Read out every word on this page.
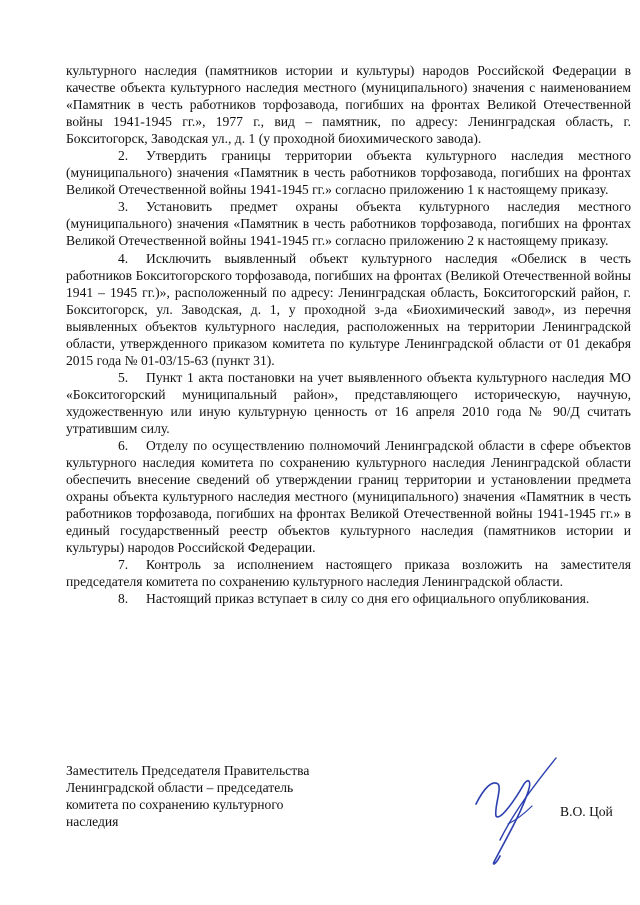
культурного наследия (памятников истории и культуры) народов Российской Федерации в качестве объекта культурного наследия местного (муниципального) значения с наименованием «Памятник в честь работников торфозавода, погибших на фронтах Великой Отечественной войны 1941-1945 гг.», 1977 г., вид – памятник, по адресу: Ленинградская область, г. Бокситогорск, Заводская ул., д. 1 (у проходной биохимического завода).

2. Утвердить границы территории объекта культурного наследия местного (муниципального) значения «Памятник в честь работников торфозавода, погибших на фронтах Великой Отечественной войны 1941-1945 гг.» согласно приложению 1 к настоящему приказу.

3. Установить предмет охраны объекта культурного наследия местного (муниципального) значения «Памятник в честь работников торфозавода, погибших на фронтах Великой Отечественной войны 1941-1945 гг.» согласно приложению 2 к настоящему приказу.

4. Исключить выявленный объект культурного наследия «Обелиск в честь работников Бокситогорского торфозавода, погибших на фронтах (Великой Отечественной войны 1941 – 1945 гг.)», расположенный по адресу: Ленинградская область, Бокситогорский район, г. Бокситогорск, ул. Заводская, д. 1, у проходной з-да «Биохимический завод», из перечня выявленных объектов культурного наследия, расположенных на территории Ленинградской области, утвержденного приказом комитета по культуре Ленинградской области от 01 декабря 2015 года № 01-03/15-63 (пункт 31).

5. Пункт 1 акта постановки на учет выявленного объекта культурного наследия МО «Бокситогорский муниципальный район», представляющего историческую, научную, художественную или иную культурную ценность от 16 апреля 2010 года № 90/Д считать утратившим силу.

6. Отделу по осуществлению полномочий Ленинградской области в сфере объектов культурного наследия комитета по сохранению культурного наследия Ленинградской области обеспечить внесение сведений об утверждении границ территории и установлении предмета охраны объекта культурного наследия местного (муниципального) значения «Памятник в честь работников торфозавода, погибших на фронтах Великой Отечественной войны 1941-1945 гг.» в единый государственный реестр объектов культурного наследия (памятников истории и культуры) народов Российской Федерации.

7. Контроль за исполнением настоящего приказа возложить на заместителя председателя комитета по сохранению культурного наследия Ленинградской области.

8. Настоящий приказ вступает в силу со дня его официального опубликования.

Заместитель Председателя Правительства
Ленинградской области – председатель
комитета по сохранению культурного
наследия

В.О. Цой
